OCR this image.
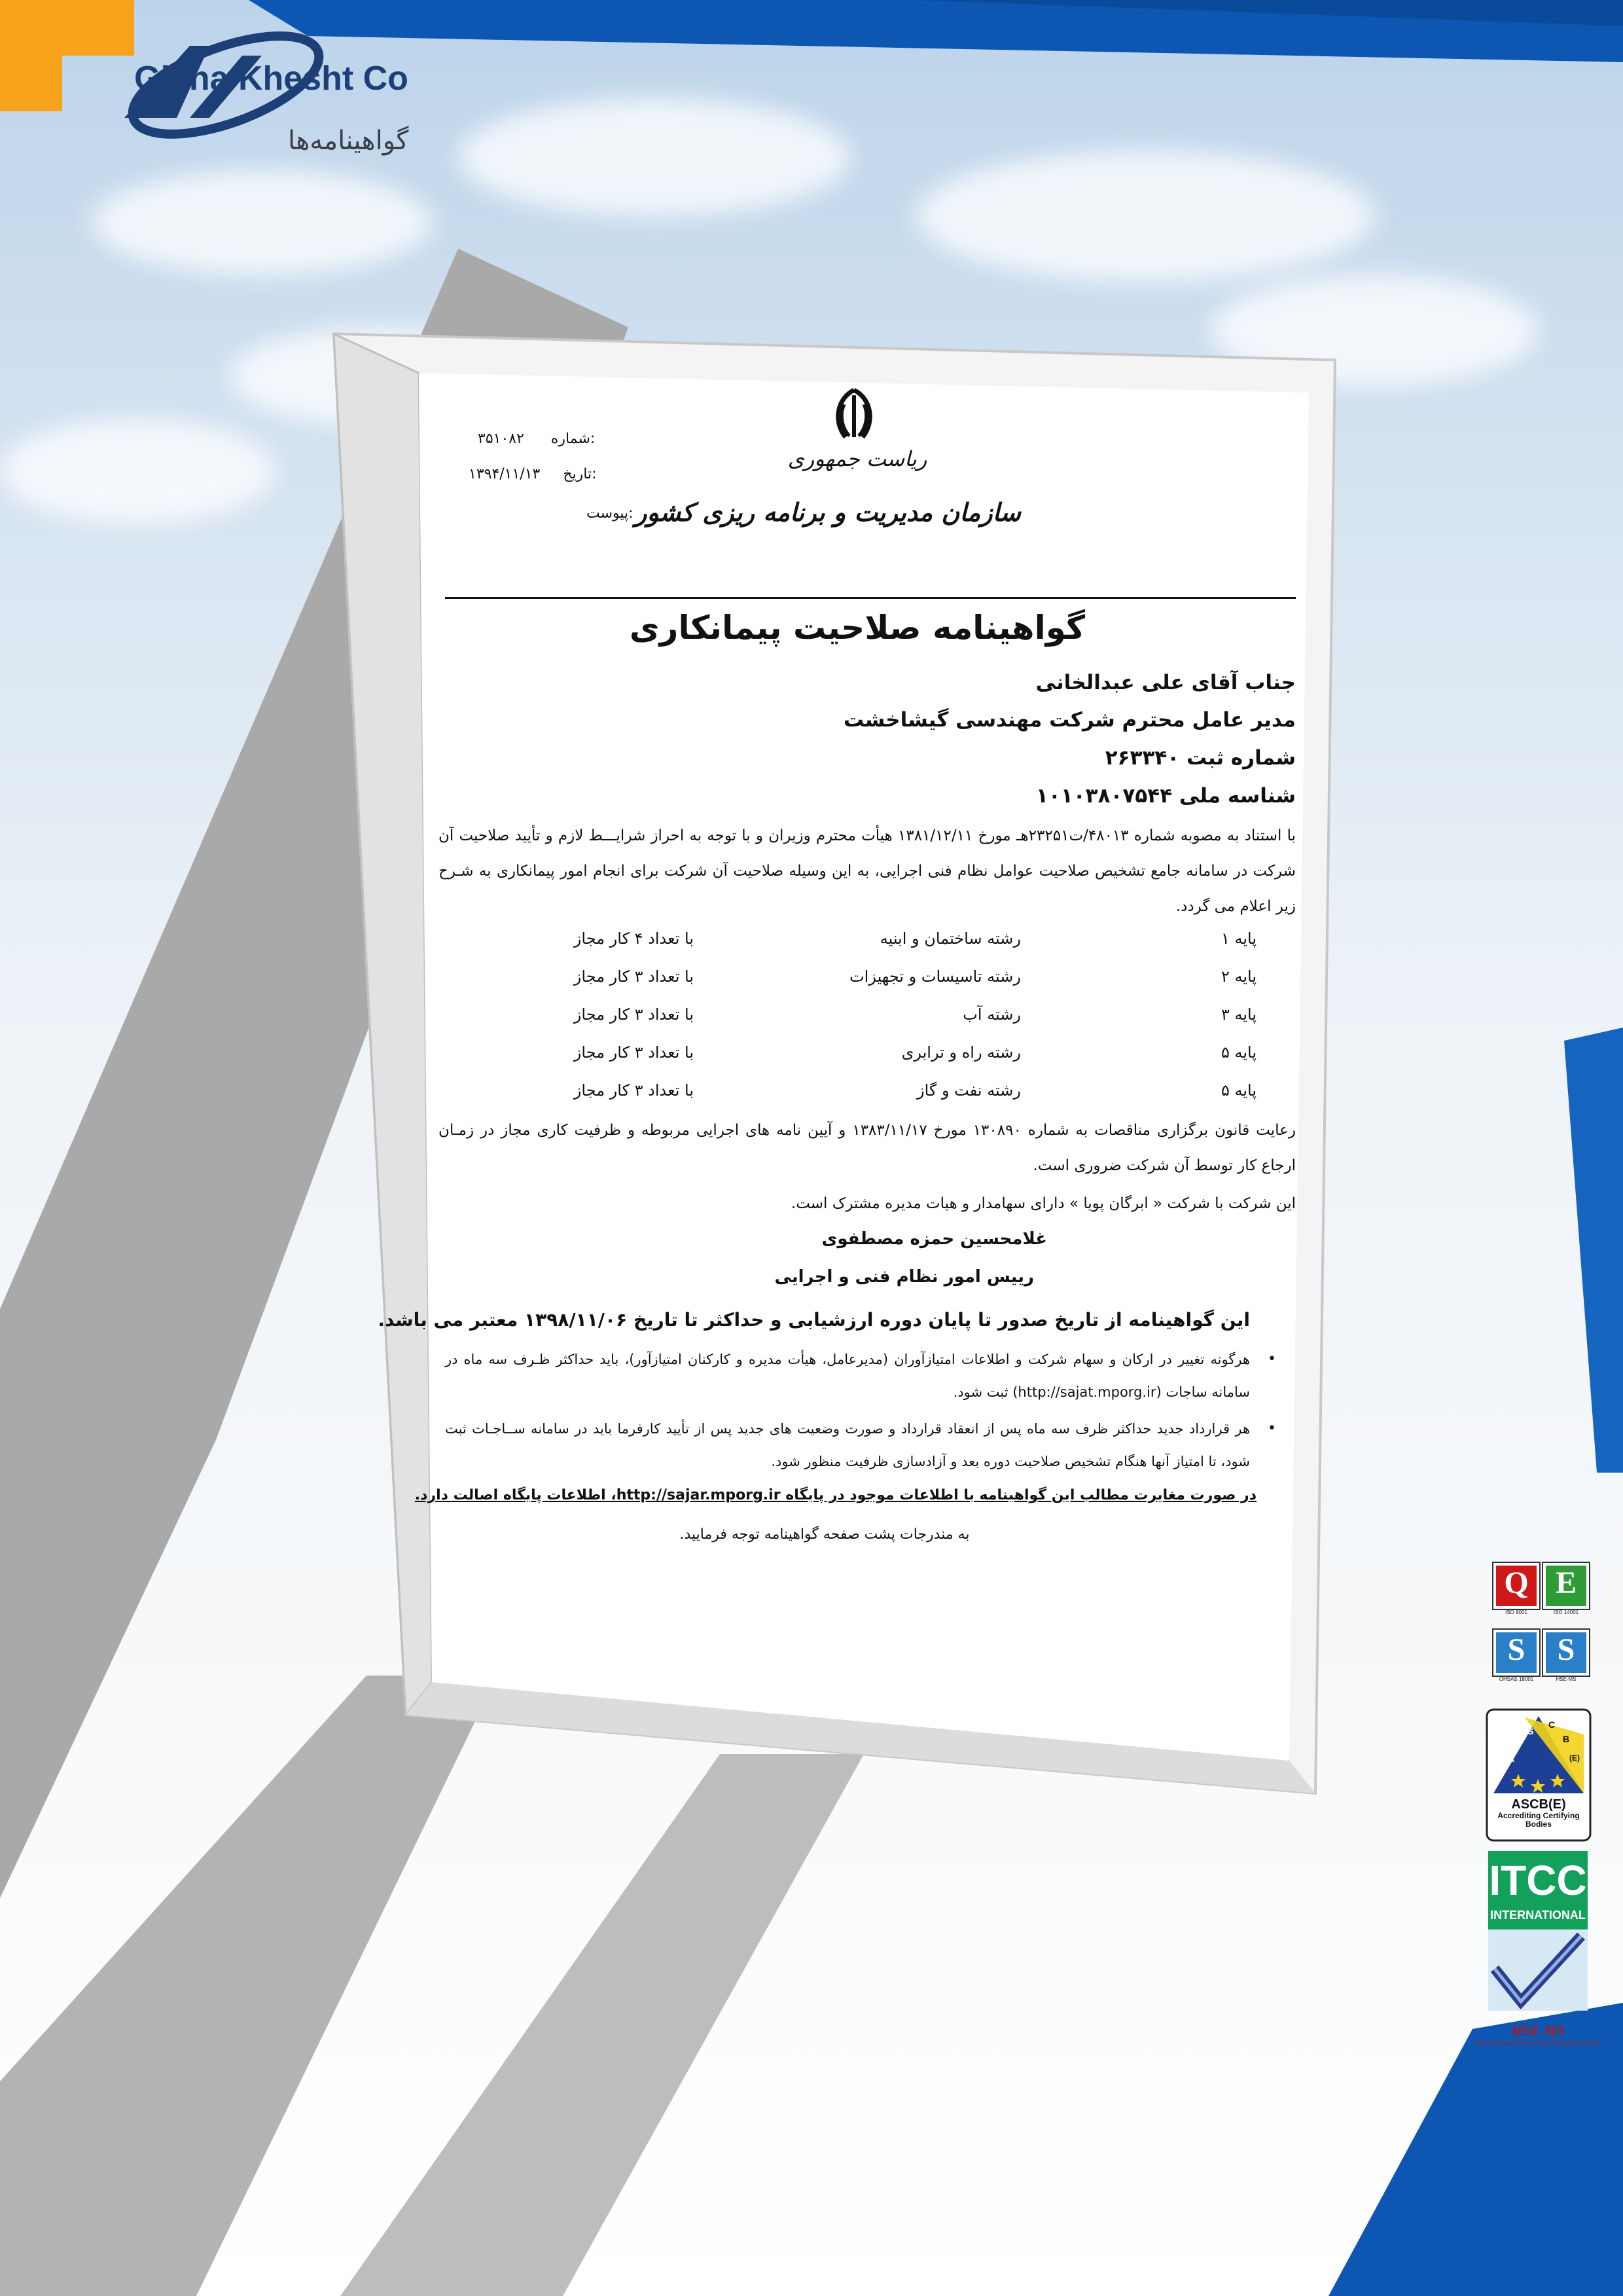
Gisha Khesht Co
گواهینامه‌ها
ریاست جمهوری
سازمان مدیریت و برنامه ریزی کشور
۳۵۱۰۸۲ شماره:
۱۳۹۴/۱۱/۱۳ تاریخ:
پیوست:
گواهینامه صلاحیت پیمانکاری
جناب آقای علی عبدالخانی
مدیر عامل محترم شرکت مهندسی گیشاخشت
شماره ثبت ۲۶۳۳۴۰
شناسه ملی ۱۰۱۰۳۸۰۷۵۴۴
با استناد به مصوبه شماره ۴۸۰۱۳/ت۲۳۲۵۱هـ مورخ ۱۳۸۱/۱۲/۱۱ هیأت محترم وزیران و با توجه به احراز شرایـــط لازم و تأیید صلاحیت آن شرکت در سامانه جامع تشخیص صلاحیت عوامل نظام فنی اجرایی، به این وسیله صلاحیت آن شرکت برای انجام امور پیمانکاری به شـرح زیر اعلام می گردد.
پایه ۱
رشته ساختمان و ابنیه
با تعداد ۴ کار مجاز
پایه ۲
رشته تاسیسات و تجهیزات
با تعداد ۳ کار مجاز
پایه ۳
رشته آب
با تعداد ۳ کار مجاز
پایه ۵
رشته راه و ترابری
با تعداد ۳ کار مجاز
پایه ۵
رشته نفت و گاز
با تعداد ۳ کار مجاز
رعایت قانون برگزاری مناقصات به شماره ۱۳۰۸۹۰ مورخ ۱۳۸۳/۱۱/۱۷ و آیین نامه های اجرایی مربوطه و ظرفیت کاری مجاز در زمـان ارجاع کار توسط آن شرکت ضروری است.
این شرکت با شرکت « ابرگان پویا » دارای سهامدار و هیات مدیره مشترک است.
غلامحسین حمزه مصطفوی
رییس امور نظام فنی و اجرایی
این گواهینامه از تاریخ صدور تا پایان دوره ارزشیابی و حداکثر تا تاریخ ۱۳۹۸/۱۱/۰۶ معتبر می باشد.
•
هرگونه تغییر در ارکان و سهام شرکت و اطلاعات امتیازآوران (مدیرعامل، هیأت مدیره و کارکنان امتیازآور)، باید حداکثر ظـرف سه ماه در سامانه ساجات (http://sajat.mporg.ir) ثبت شود.
•
هر قرارداد جدید حداکثر ظرف سه ماه پس از انعقاد قرارداد و صورت وضعیت های جدید پس از تأیید کارفرما باید در سامانه ســاجـات ثبت شود، تا امتیاز آنها هنگام تشخیص صلاحیت دوره بعد و آزادسازی ظرفیت منظور شود.
در صورت مغایرت مطالب این گواهینامه با اطلاعات موجود در پایگاه http://sajar.mporg.ir، اطلاعات پایگاه اصالت دارد.
به مندرجات پشت صفحه گواهینامه توجه فرمایید.
Q
ISO 9001
E
ISO 14001
S
OHSAS 18001
S
HSE-MS
A
S
C
B
(E)
ASCB(E)
Accrediting Certifying Bodies
ITCC
INTERNATIONAL
HSE MS
Health, Safety & Environmental Management System
